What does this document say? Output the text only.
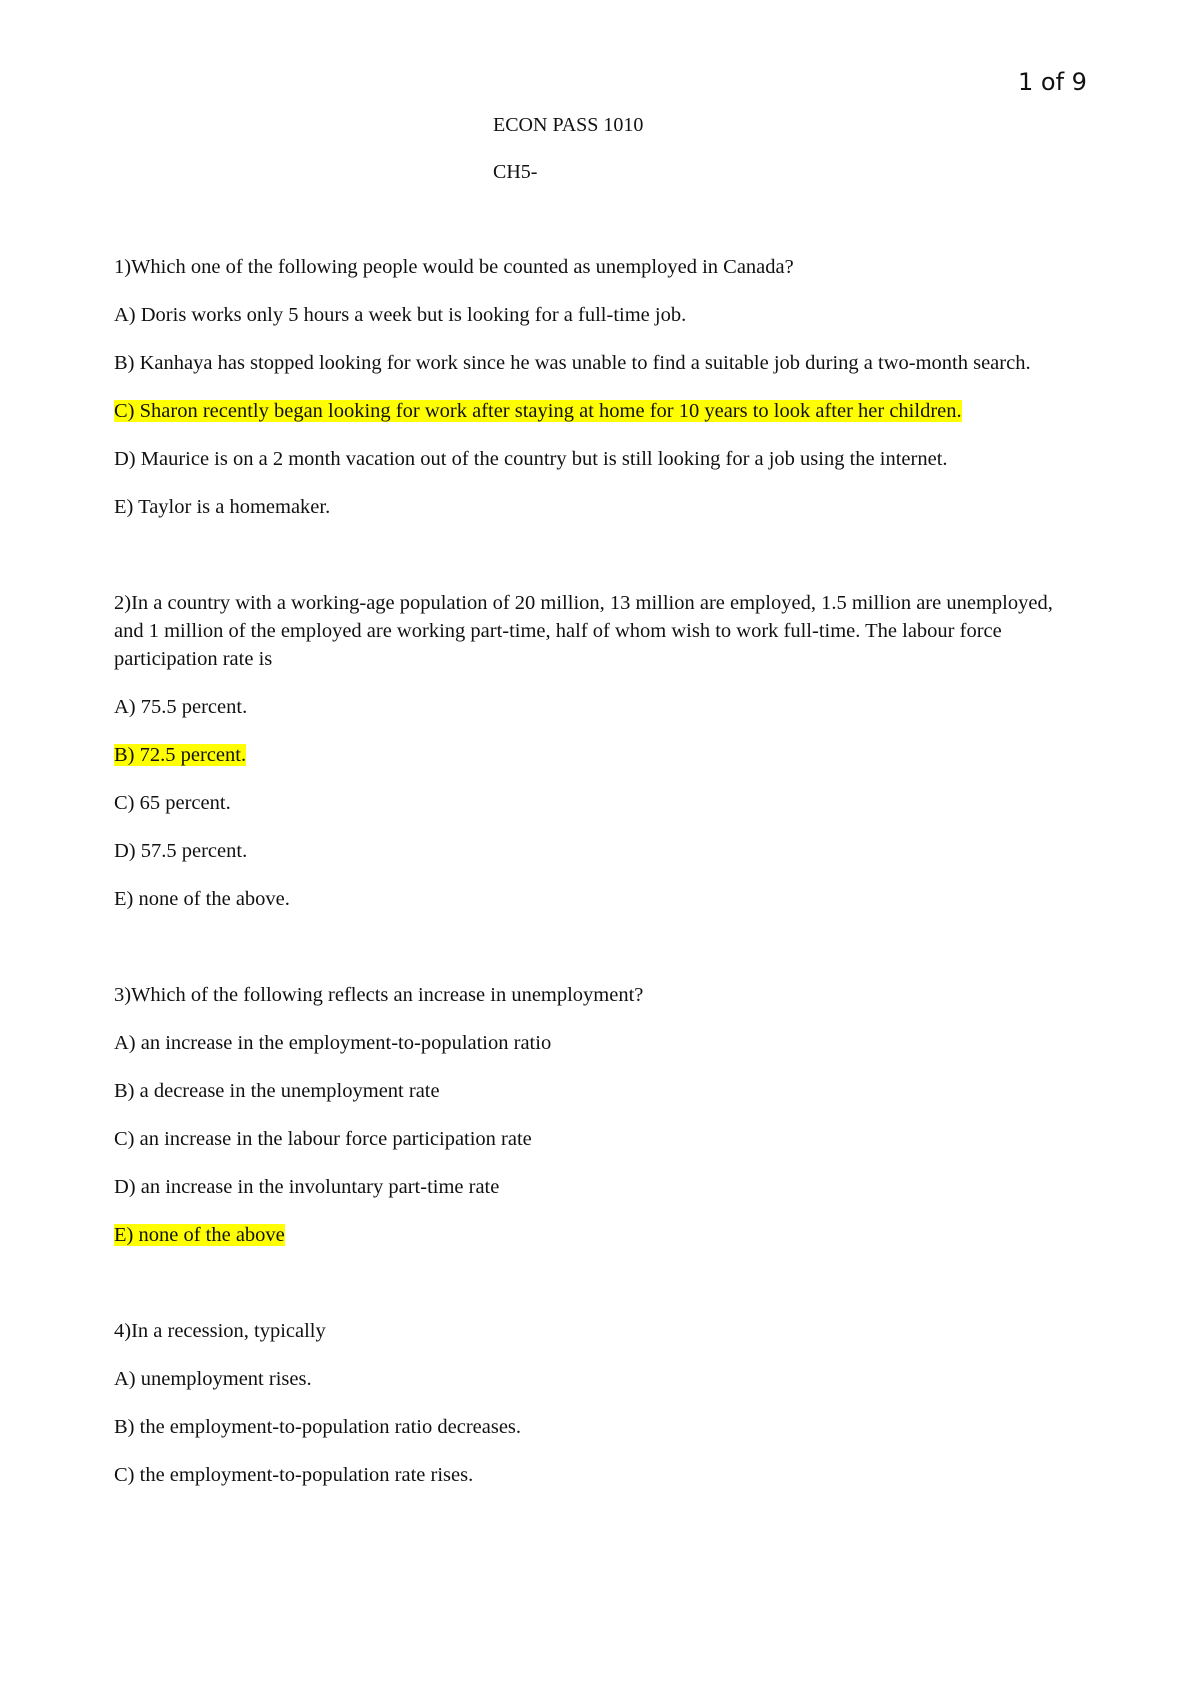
1 of 9
ECON PASS 1010
CH5-

1)Which one of the following people would be counted as unemployed in Canada?

A) Doris works only 5 hours a week but is looking for a full-time job.

B) Kanhaya has stopped looking for work since he was unable to find a suitable job during a two-month search.

C) Sharon recently began looking for work after staying at home for 10 years to look after her children.

D) Maurice is on a 2 month vacation out of the country but is still looking for a job using the internet.

E) Taylor is a homemaker.

2)In a country with a working-age population of 20 million, 13 million are employed, 1.5 million are unemployed, and 1 million of the employed are working part-time, half of whom wish to work full-time. The labour force participation rate is

A) 75.5 percent.

B) 72.5 percent.

C) 65 percent.

D) 57.5 percent.

E) none of the above.

3)Which of the following reflects an increase in unemployment?

A) an increase in the employment-to-population ratio

B) a decrease in the unemployment rate

C) an increase in the labour force participation rate

D) an increase in the involuntary part-time rate

E) none of the above

4)In a recession, typically

A) unemployment rises.

B) the employment-to-population ratio decreases.

C) the employment-to-population rate rises.
